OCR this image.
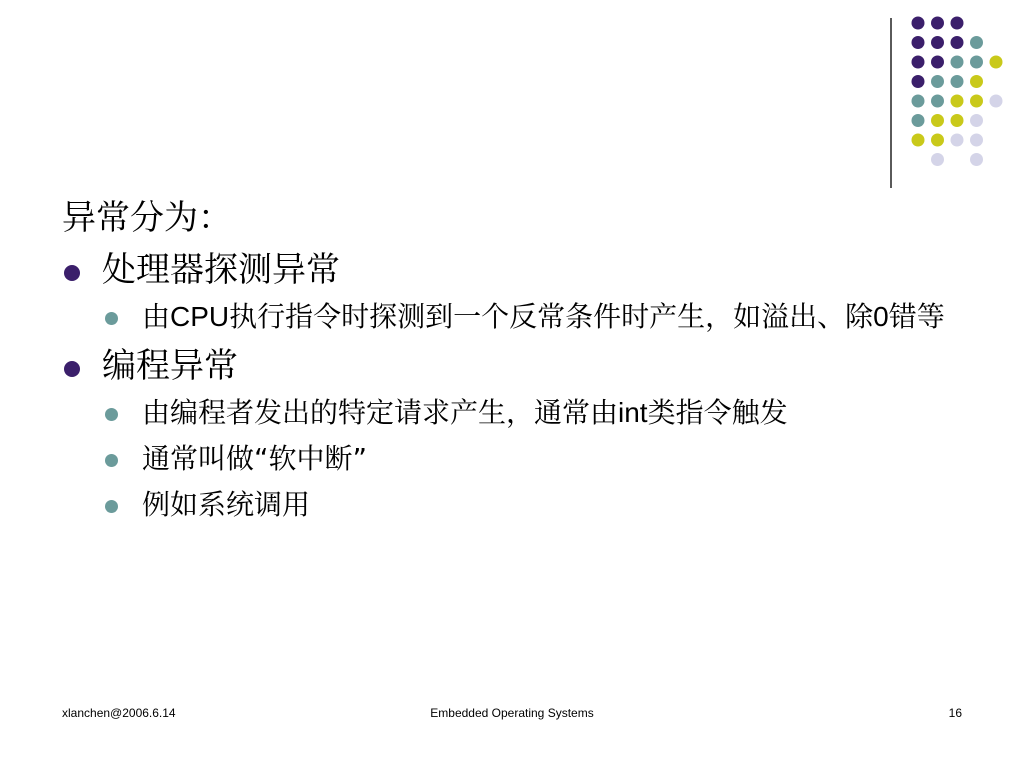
异常分为：
处理器探测异常
由CPU执行指令时探测到一个反常条件时产生，如溢出、除0错等
编程异常
由编程者发出的特定请求产生，通常由int类指令触发
通常叫做“软中断”
例如系统调用
xlanchen@2006.6.14	Embedded Operating Systems	16
